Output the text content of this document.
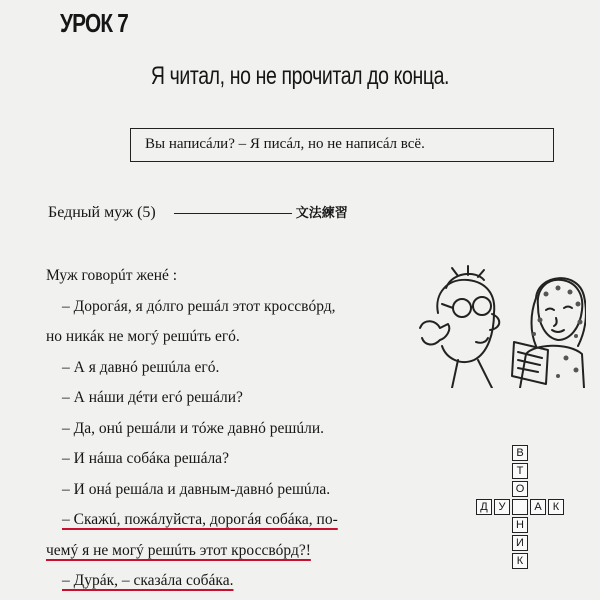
УРОК 7
Я читал, но не прочитал до конца.
Вы написáли? – Я писáл, но не написáл всё.
Бедный муж (5)	文法練習
Муж говорúт женé :
– Дорогáя, я дóлго решáл этот кроссвóрд,
но никáк не могý решúть егó.
– А я давнó решúла егó.
– А нáши дéти егó решáли?
– Да, онú решáли и тóже давнó решúли.
– И нáша собáка решáла?
– И онá решáла и давным-давнó решúла.
– Скажú, пожáлуйста, дорогáя собáка, по-
чемý я не могý решúть этот кроссвóрд?!
– Дурáк, – сказáла собáка.
В
Т
О
Н
И
К
Д У	А	К
